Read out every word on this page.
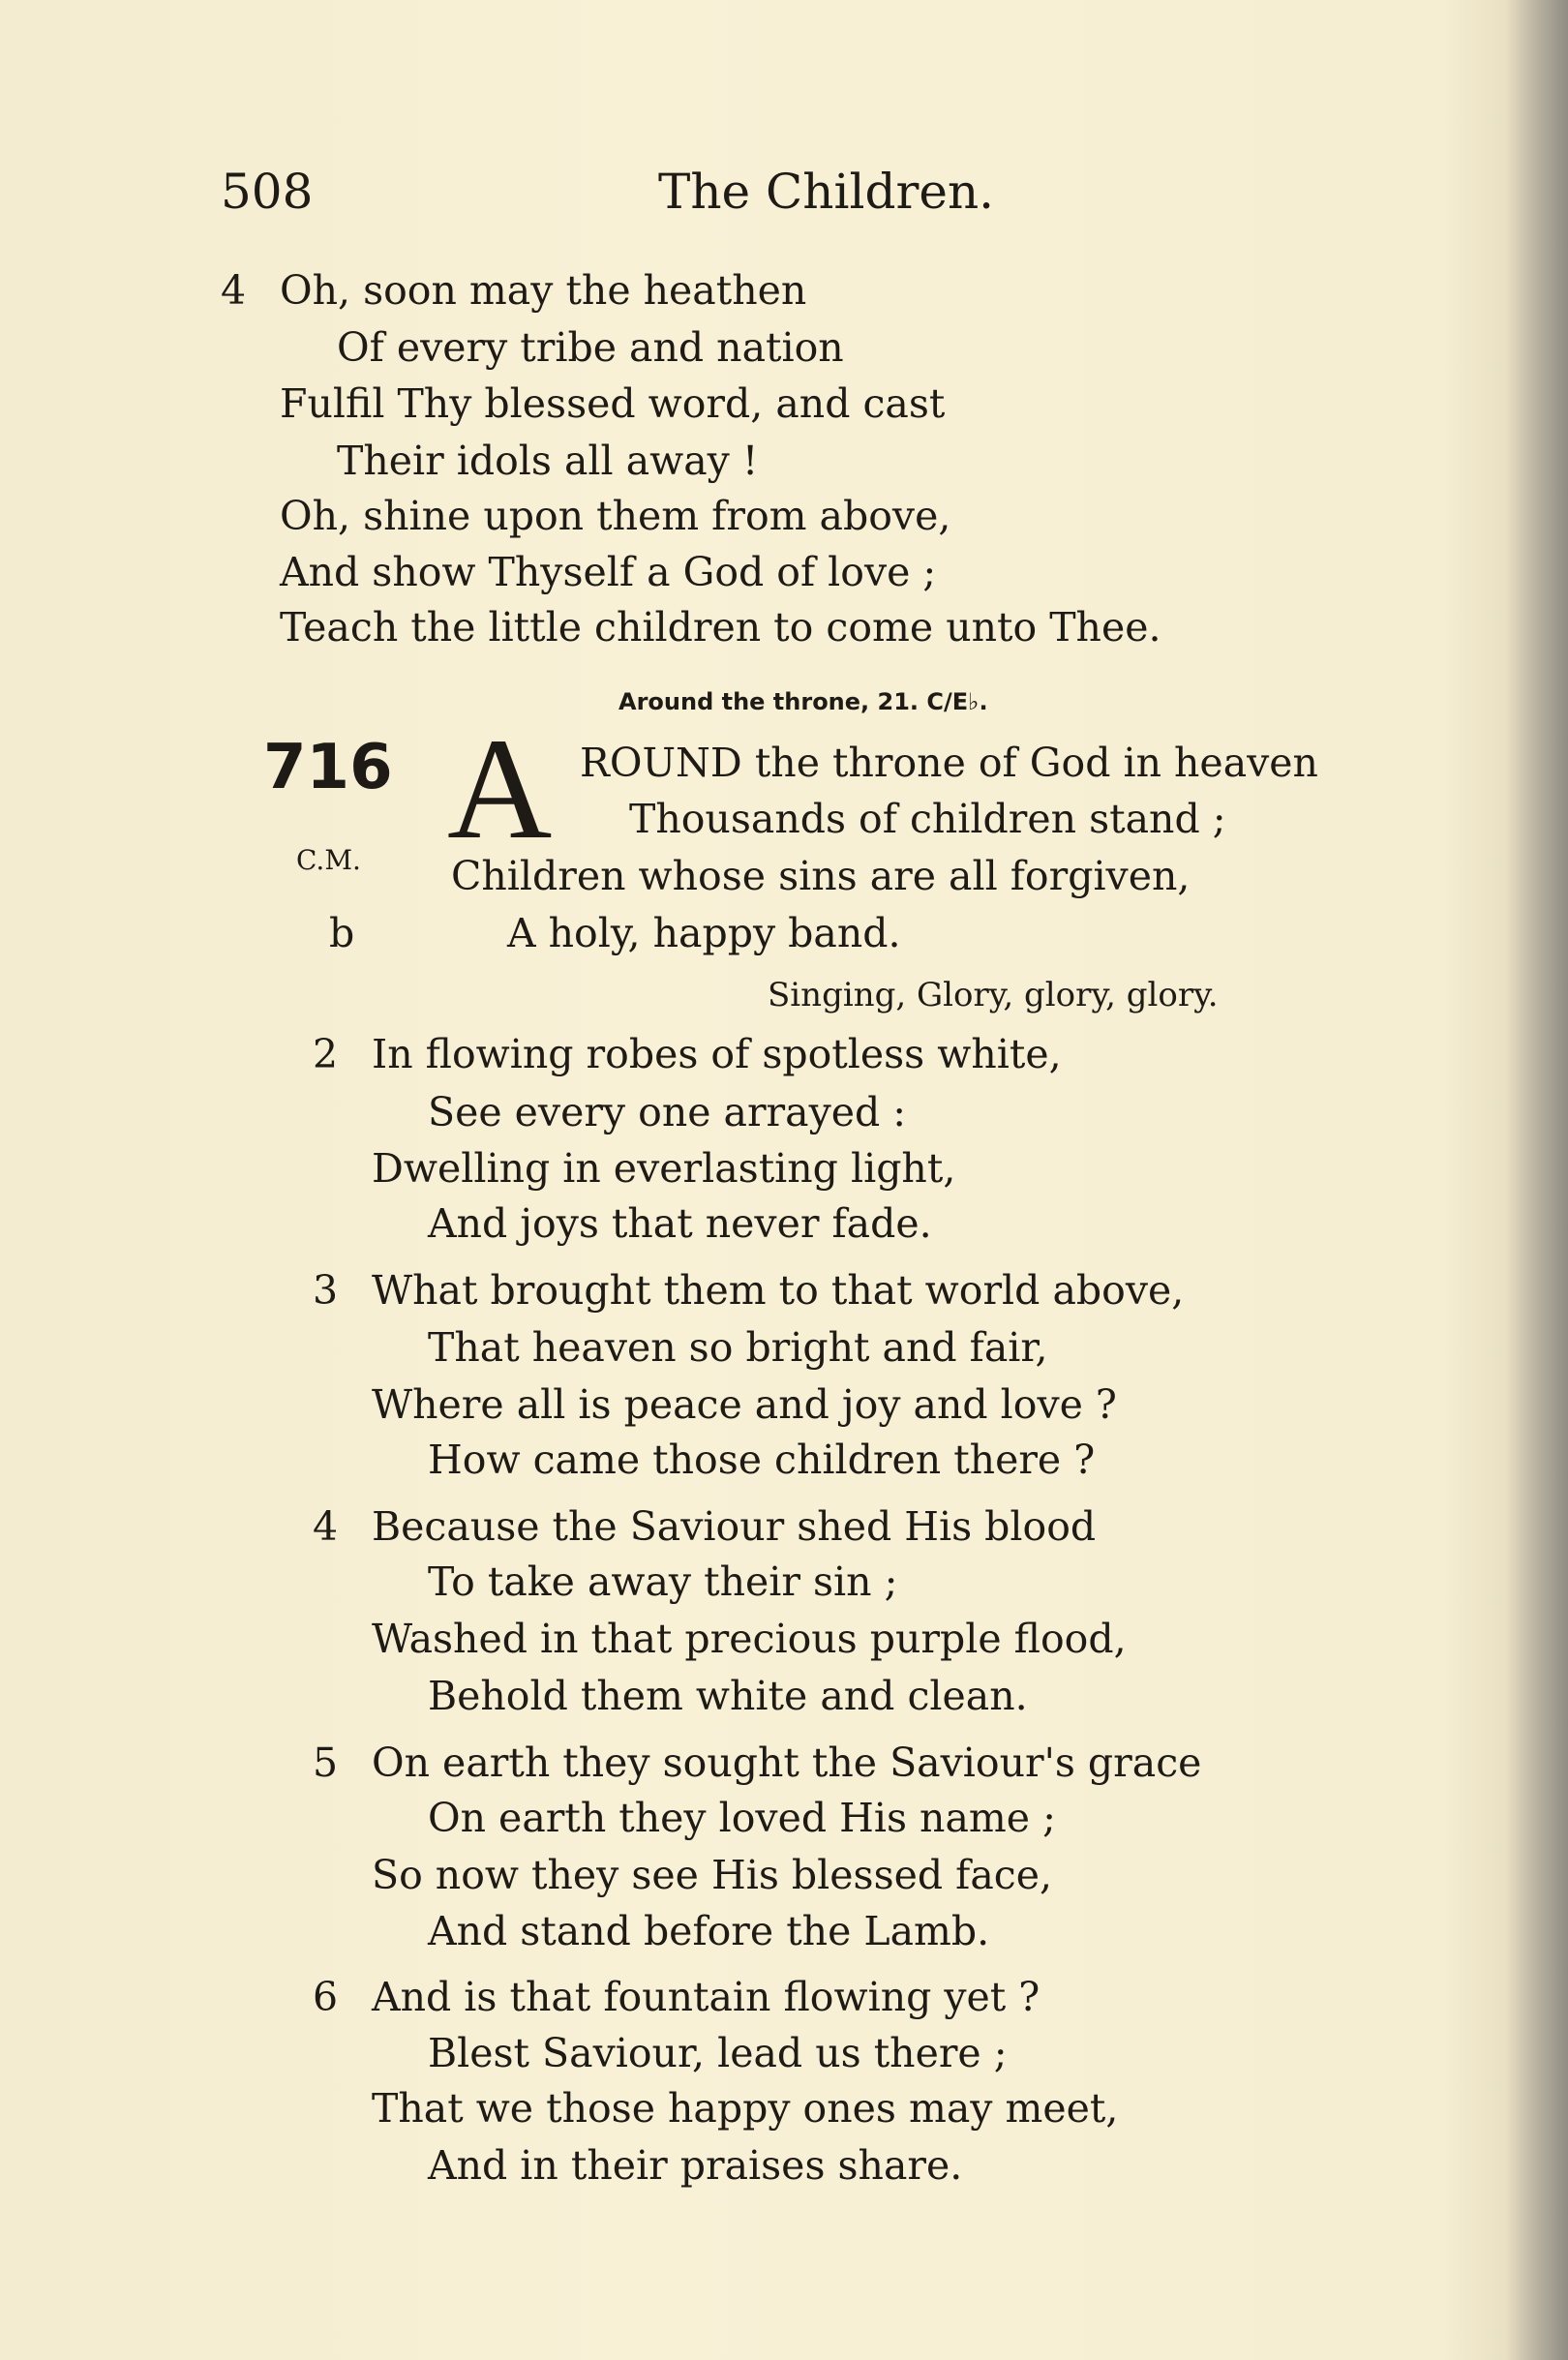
508	The Children.
4 Oh, soon may the heathen
Of every tribe and nation
Fulfil Thy blessed word, and cast
Their idols all away !
Oh, shine upon them from above,
And show Thyself a God of love ;
Teach the little children to come unto Thee.
Around the throne, 21. C/E♭.
716 A ROUND the throne of God in heaven
Thousands of children stand ;
C.M. Children whose sins are all forgiven,
b	A holy, happy band.
Singing, Glory, glory, glory.
2 In flowing robes of spotless white,
See every one arrayed :
Dwelling in everlasting light,
And joys that never fade.
3 What brought them to that world above,
That heaven so bright and fair,
Where all is peace and joy and love ?
How came those children there ?
4 Because the Saviour shed His blood
To take away their sin ;
Washed in that precious purple flood,
Behold them white and clean.
5 On earth they sought the Saviour's grace
On earth they loved His name ;
So now they see His blessed face,
And stand before the Lamb.
6 And is that fountain flowing yet ?
Blest Saviour, lead us there ;
That we those happy ones may meet,
And in their praises share.
